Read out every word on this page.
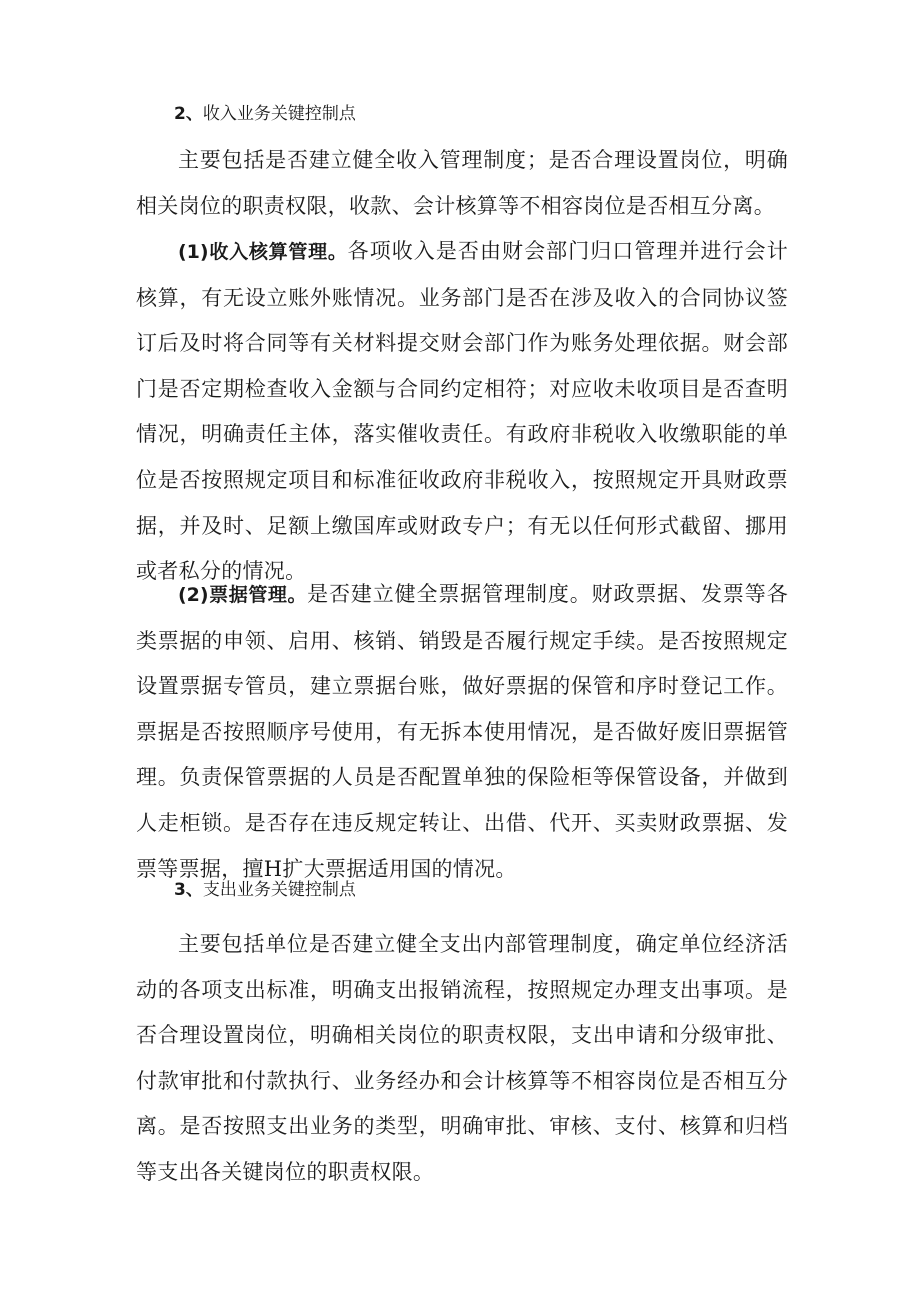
2、收入业务关键控制点

主要包括是否建立健全收入管理制度；是否合理设置岗位，明确相关岗位的职责权限，收款、会计核算等不相容岗位是否相互分离。

(1)收入核算管理。各项收入是否由财会部门归口管理并进行会计核算，有无设立账外账情况。业务部门是否在涉及收入的合同协议签订后及时将合同等有关材料提交财会部门作为账务处理依据。财会部门是否定期检查收入金额与合同约定相符；对应收未收项目是否查明情况，明确责任主体，落实催收责任。有政府非税收入收缴职能的单位是否按照规定项目和标准征收政府非税收入，按照规定开具财政票据，并及时、足额上缴国库或财政专户；有无以任何形式截留、挪用或者私分的情况。

(2)票据管理。是否建立健全票据管理制度。财政票据、发票等各类票据的申领、启用、核销、销毁是否履行规定手续。是否按照规定设置票据专管员，建立票据台账，做好票据的保管和序时登记工作。票据是否按照顺序号使用，有无拆本使用情况，是否做好废旧票据管理。负责保管票据的人员是否配置单独的保险柜等保管设备，并做到人走柜锁。是否存在违反规定转让、出借、代开、买卖财政票据、发票等票据，擅H扩大票据适用国的情况。

3、支出业务关键控制点

主要包括单位是否建立健全支出内部管理制度，确定单位经济活动的各项支出标准，明确支出报销流程，按照规定办理支出事项。是否合理设置岗位，明确相关岗位的职责权限，支出申请和分级审批、付款审批和付款执行、业务经办和会计核算等不相容岗位是否相互分离。是否按照支出业务的类型，明确审批、审核、支付、核算和归档等支出各关键岗位的职责权限。
